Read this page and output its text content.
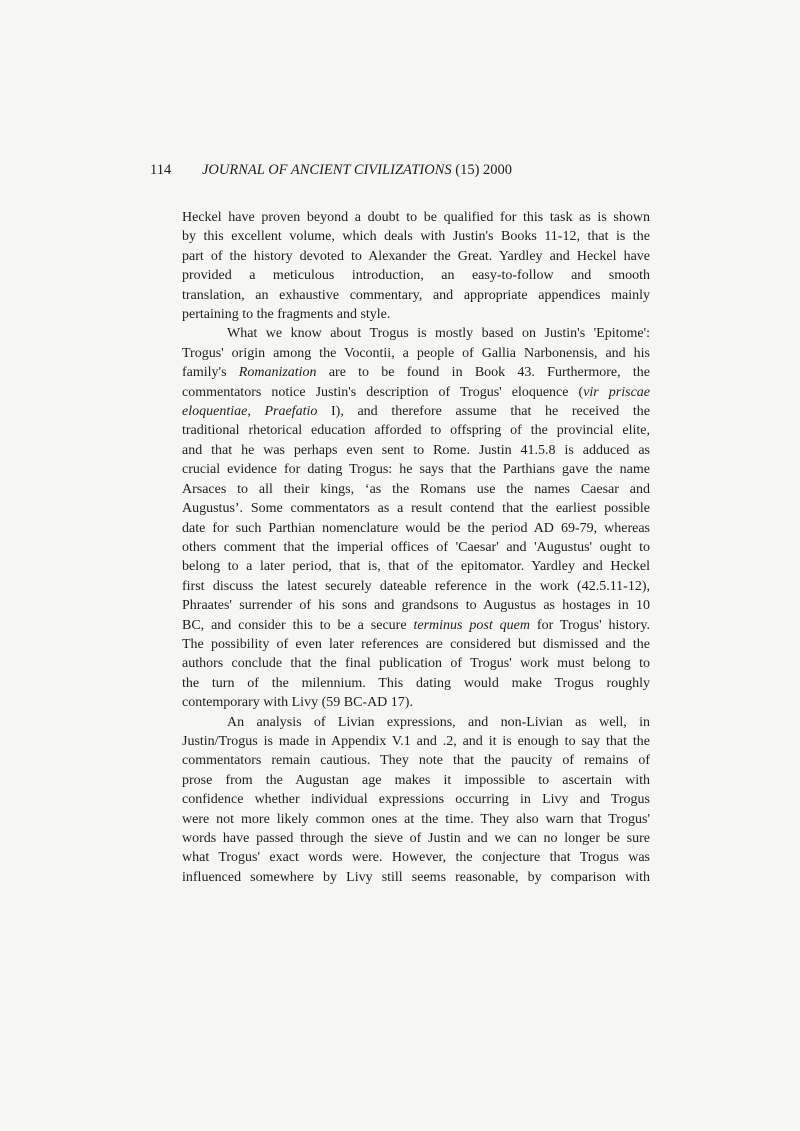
114 JOURNAL OF ANCIENT CIVILIZATIONS (15) 2000
Heckel have proven beyond a doubt to be qualified for this task as is shown
by this excellent volume, which deals with Justin's Books 11-12, that is the
part of the history devoted to Alexander the Great. Yardley and Heckel have
provided a meticulous introduction, an easy-to-follow and smooth
translation, an exhaustive commentary, and appropriate appendices mainly
pertaining to the fragments and style.
What we know about Trogus is mostly based on Justin's 'Epitome':
Trogus' origin among the Vocontii, a people of Gallia Narbonensis, and his
family's Romanization are to be found in Book 43. Furthermore, the
commentators notice Justin's description of Trogus' eloquence (vir priscae
eloquentiae, Praefatio I), and therefore assume that he received the
traditional rhetorical education afforded to offspring of the provincial elite,
and that he was perhaps even sent to Rome. Justin 41.5.8 is adduced as
crucial evidence for dating Trogus: he says that the Parthians gave the name
Arsaces to all their kings, ‘as the Romans use the names Caesar and
Augustus’. Some commentators as a result contend that the earliest possible
date for such Parthian nomenclature would be the period AD 69-79, whereas
others comment that the imperial offices of 'Caesar' and 'Augustus' ought to
belong to a later period, that is, that of the epitomator. Yardley and Heckel
first discuss the latest securely dateable reference in the work (42.5.11-12),
Phraates' surrender of his sons and grandsons to Augustus as hostages in 10
BC, and consider this to be a secure terminus post quem for Trogus' history.
The possibility of even later references are considered but dismissed and the
authors conclude that the final publication of Trogus' work must belong to
the turn of the milennium. This dating would make Trogus roughly
contemporary with Livy (59 BC-AD 17).
An analysis of Livian expressions, and non-Livian as well, in
Justin/Trogus is made in Appendix V.1 and .2, and it is enough to say that the
commentators remain cautious. They note that the paucity of remains of
prose from the Augustan age makes it impossible to ascertain with
confidence whether individual expressions occurring in Livy and Trogus
were not more likely common ones at the time. They also warn that Trogus'
words have passed through the sieve of Justin and we can no longer be sure
what Trogus' exact words were. However, the conjecture that Trogus was
influenced somewhere by Livy still seems reasonable, by comparison with
